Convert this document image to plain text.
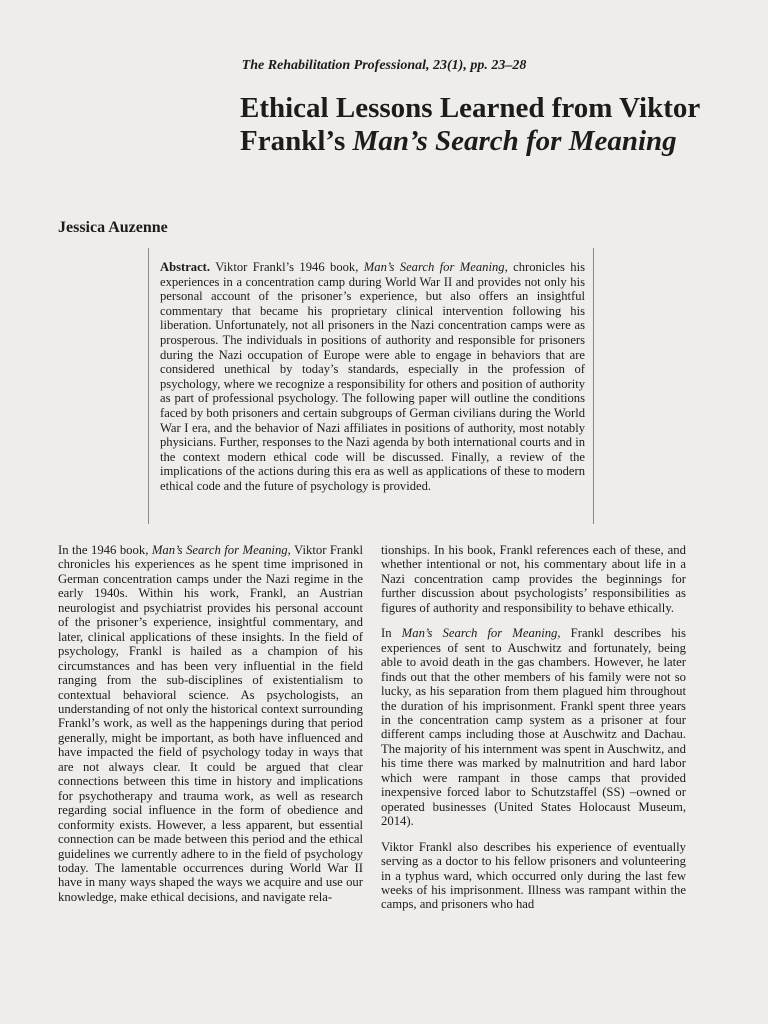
The Rehabilitation Professional, 23(1), pp. 23–28
Ethical Lessons Learned from Viktor Frankl’s Man’s Search for Meaning
Jessica Auzenne
Abstract. Viktor Frankl’s 1946 book, Man’s Search for Meaning, chronicles his experiences in a concentration camp during World War II and provides not only his personal account of the prisoner’s experience, but also offers an insightful commentary that became his proprietary clinical intervention following his liberation. Unfortunately, not all prisoners in the Nazi concentration camps were as prosperous. The individuals in positions of authority and responsible for prisoners during the Nazi occupation of Europe were able to engage in behaviors that are considered unethical by today’s standards, especially in the profession of psychology, where we recognize a responsibility for others and position of authority as part of professional psychology. The following paper will outline the conditions faced by both prisoners and certain subgroups of German civilians during the World War I era, and the behavior of Nazi affiliates in positions of authority, most notably physicians. Further, responses to the Nazi agenda by both international courts and in the context modern ethical code will be discussed. Finally, a review of the implications of the actions during this era as well as applications of these to modern ethical code and the future of psychology is provided.

In the 1946 book, Man’s Search for Meaning, Viktor Frankl chronicles his experiences as he spent time imprisoned in German concentration camps under the Nazi regime in the early 1940s. Within his work, Frankl, an Austrian neurologist and psychiatrist provides his personal account of the prisoner’s experience, insightful commentary, and later, clinical applications of these insights. In the field of psychology, Frankl is hailed as a champion of his circumstances and has been very influential in the field ranging from the sub-disciplines of existentialism to contextual behavioral science. As psychologists, an understanding of not only the historical context surrounding Frankl’s work, as well as the happenings during that period generally, might be important, as both have influenced and have impacted the field of psychology today in ways that are not always clear. It could be argued that clear connections between this time in history and implications for psychotherapy and trauma work, as well as research regarding social influence in the form of obedience and conformity exists. However, a less apparent, but essential connection can be made between this period and the ethical guidelines we currently adhere to in the field of psychology today. The lamentable occurrences during World War II have in many ways shaped the ways we acquire and use our knowledge, make ethical decisions, and navigate rela-

tionships. In his book, Frankl references each of these, and whether intentional or not, his commentary about life in a Nazi concentration camp provides the beginnings for further discussion about psychologists’ responsibilities as figures of authority and responsibility to behave ethically.

In Man’s Search for Meaning, Frankl describes his experiences of sent to Auschwitz and fortunately, being able to avoid death in the gas chambers. However, he later finds out that the other members of his family were not so lucky, as his separation from them plagued him throughout the duration of his imprisonment. Frankl spent three years in the concentration camp system as a prisoner at four different camps including those at Auschwitz and Dachau. The majority of his internment was spent in Auschwitz, and his time there was marked by malnutrition and hard labor which were rampant in those camps that provided inexpensive forced labor to Schutzstaffel (SS) –owned or operated businesses (United States Holocaust Museum, 2014).

Viktor Frankl also describes his experience of eventually serving as a doctor to his fellow prisoners and volunteering in a typhus ward, which occurred only during the last few weeks of his imprisonment. Illness was rampant within the camps, and prisoners who had
